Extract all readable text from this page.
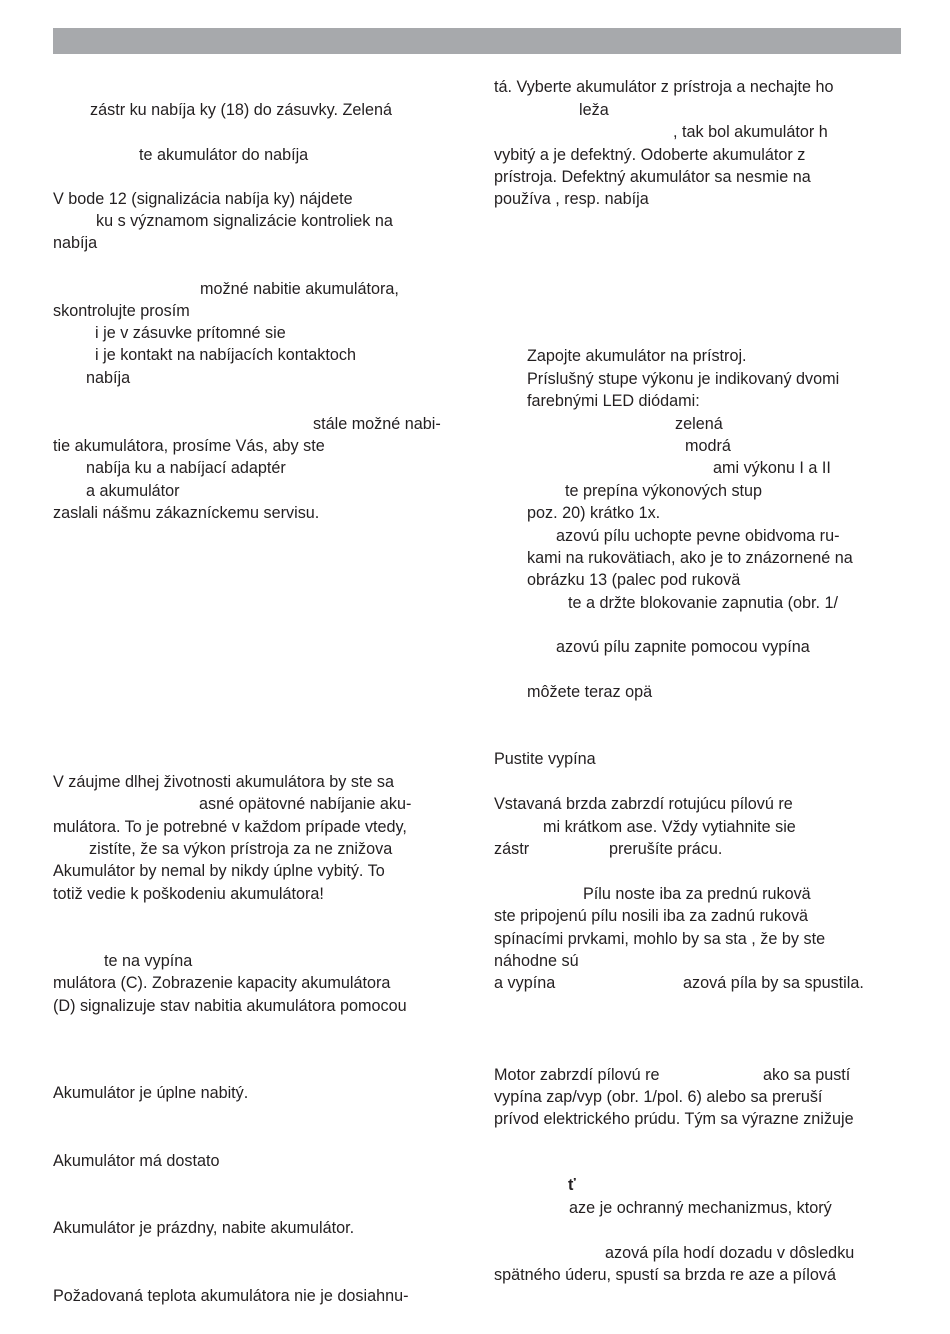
zástr ku nabíja ky (18) do zásuvky. Zelená
te akumulátor do nabíja
V bode 12 (signalizácia nabíja ky) nájdete
ku s významom signalizácie kontroliek na
nabíja
možné nabitie akumulátora,
skontrolujte prosím
i je v zásuvke prítomné sie
i je kontakt na nabíjacích kontaktoch
nabíja
stále možné nabi-
tie akumulátora, prosíme Vás, aby ste
nabíja ku a nabíjací adaptér
a akumulátor
zaslali nášmu zákazníckemu servisu.
V záujme dlhej životnosti akumulátora by ste sa
asné opätovné nabíjanie aku-
mulátora. To je potrebné v každom prípade vtedy,
zistíte, že sa výkon prístroja za ne znižova
Akumulátor by nemal by nikdy úplne vybitý. To
totiž vedie k poškodeniu akumulátora!
te na vypína
mulátora (C). Zobrazenie kapacity akumulátora
(D) signalizuje stav nabitia akumulátora pomocou
Akumulátor je úplne nabitý.
Akumulátor má dostato
Akumulátor je prázdny, nabite akumulátor.
Požadovaná teplota akumulátora nie je dosiahnu-
tá. Vyberte akumulátor z prístroja a nechajte ho
leža
, tak bol akumulátor h
vybitý a je defektný. Odoberte akumulátor z
prístroja. Defektný akumulátor sa nesmie na
používa , resp. nabíja
Zapojte akumulátor na prístroj.
Príslušný stupe výkonu je indikovaný dvomi
farebnými LED diódami:
zelená
modrá
ami výkonu I a II
te prepína výkonových stup
poz. 20) krátko 1x.
azovú pílu uchopte pevne obidvoma ru-
kami na rukovätiach, ako je to znázornené na
obrázku 13 (palec pod rukovä
te a držte blokovanie zapnutia (obr. 1/
azovú pílu zapnite pomocou vypína
môžete teraz opä
Pustite vypína
Vstavaná brzda zabrzdí rotujúcu pílovú re
mi krátkom ase. Vždy vytiahnite sie
zástr	prerušíte prácu.
Pílu noste iba za prednú rukovä
ste pripojenú pílu nosili iba za zadnú rukovä
spínacími prvkami, mohlo by sa sta , že by ste
náhodne sú
a vypína	azová píla by sa spustila.
Motor zabrzdí pílovú re	ako sa pustí
vypína zap/vyp (obr. 1/pol. 6) alebo sa preruší
prívod elektrického prúdu. Tým sa výrazne znižuje
ť
aze je ochranný mechanizmus, ktorý
azová píla hodí dozadu v dôsledku
spätného úderu, spustí sa brzda re aze a pílová
